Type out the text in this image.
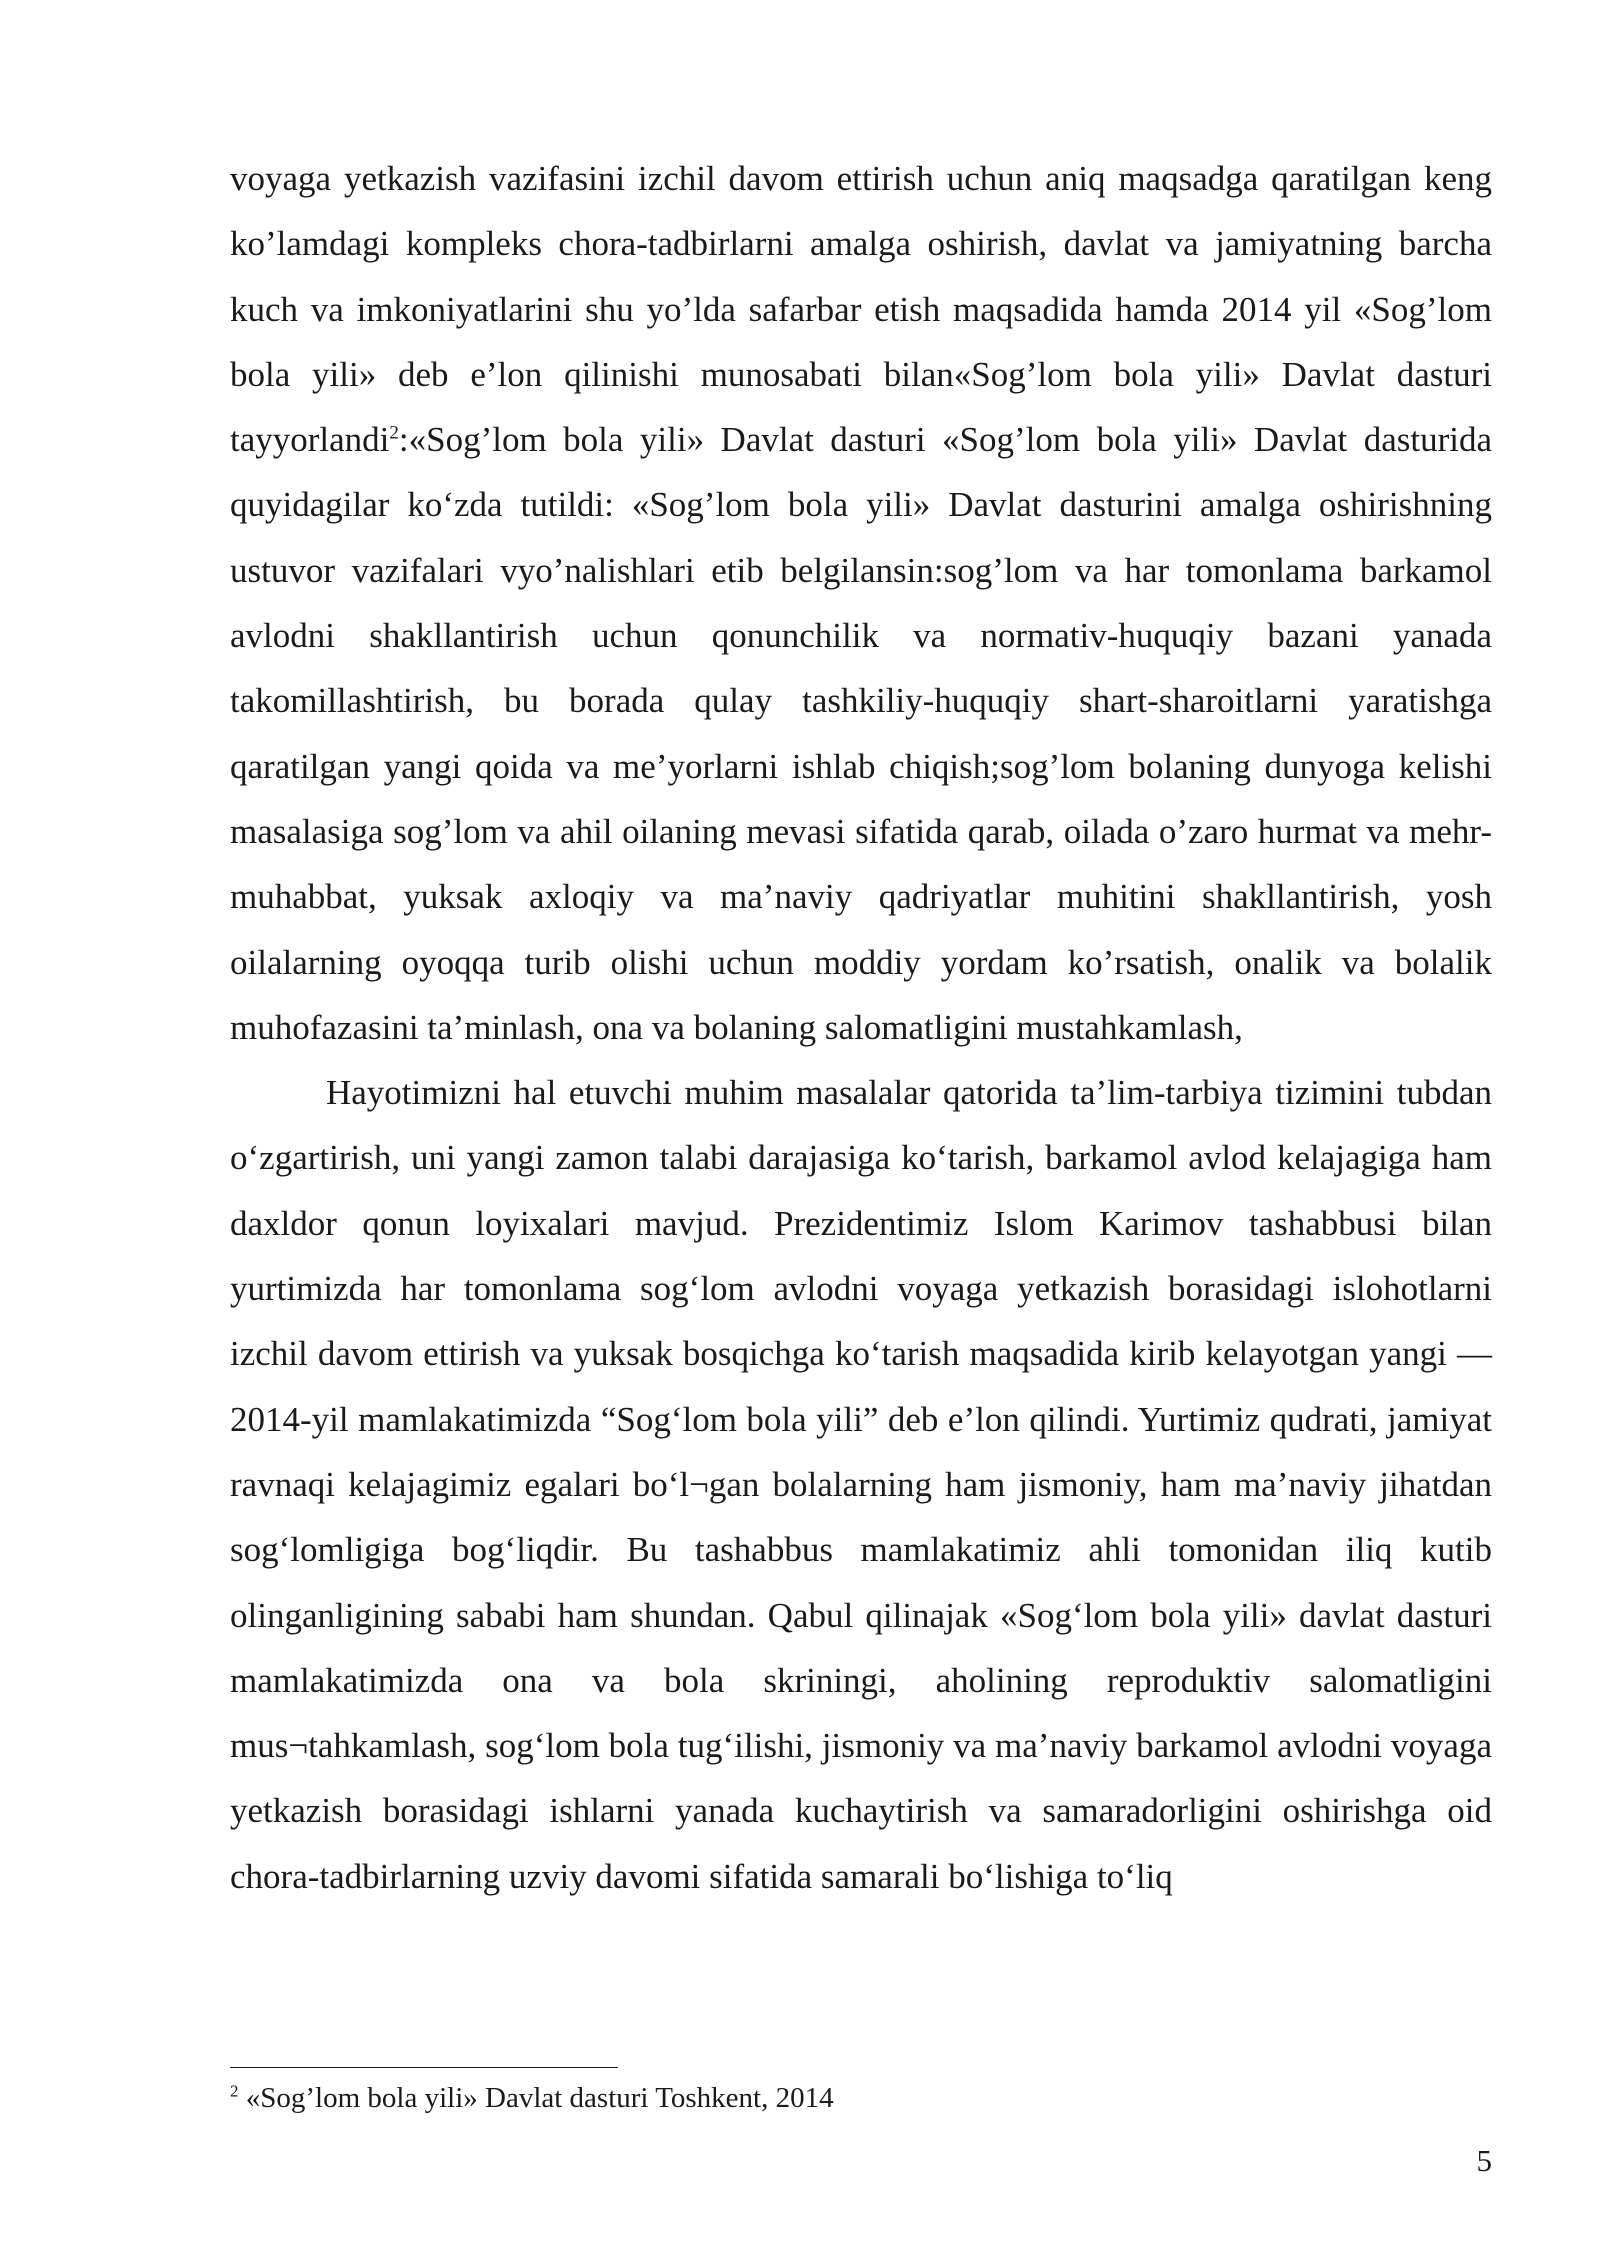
voyaga yetkazish vazifasini izchil davom ettirish uchun aniq maqsadga qaratilgan keng ko’lamdagi kompleks chora-tadbirlarni amalga oshirish, davlat va jamiyatning barcha kuch va imkoniyatlarini shu yo’lda safarbar etish maqsadida hamda 2014 yil «Sog’lom bola yili» deb e’lon qilinishi munosabati bilan«Sog’lom bola yili» Davlat dasturi tayyorlandi$^2$:«Sog’lom bola yili» Davlat dasturi «Sog’lom bola yili» Davlat dasturida quyidagilar ko‘zda tutildi: «Sog’lom bola yili» Davlat dasturini amalga oshirishning ustuvor vazifalari vyo’nalishlari etib belgilansin:sog’lom va har tomonlama barkamol avlodni shakllantirish uchun qonunchilik va normativ-huquqiy bazani yanada takomillashtirish, bu borada qulay tashkiliy-huquqiy shart-sharoitlarni yaratishga qaratilgan yangi qoida va me’yorlarni ishlab chiqish;sog’lom bolaning dunyoga kelishi masalasiga sog’lom va ahil oilaning mevasi sifatida qarab, oilada o’zaro hurmat va mehr-muhabbat, yuksak axloqiy va ma’naviy qadriyatlar muhitini shakllantirish, yosh oilalarning oyoqqa turib olishi uchun moddiy yordam ko’rsatish, onalik va bolalik muhofazasini ta’minlash, ona va bolaning salomatligini mustahkamlash,

Hayotimizni hal etuvchi muhim masalalar qatorida ta’lim-tarbiya tizimini tubdan o‘zgartirish, uni yangi zamon talabi darajasiga ko‘tarish, barkamol avlod kelajagiga ham daxldor qonun loyixalari mavjud. Prezidentimiz Islom Karimov tashabbusi bilan yurtimizda har tomonlama sog‘lom avlodni voyaga yetkazish borasidagi islohotlarni izchil davom ettirish va yuksak bosqichga ko‘tarish maqsadida kirib kelayotgan yangi — 2014-yil mamlakatimizda “Sog‘lom bola yili” deb e’lon qilindi. Yurtimiz qudrati, jamiyat ravnaqi kelajagimiz egalari bo‘l¬gan bolalarning ham jismoniy, ham ma’naviy jihatdan sog‘lomligiga bog‘liqdir. Bu tashabbus mamlakatimiz ahli tomonidan iliq kutib olinganligining sababi ham shundan. Qabul qilinajak «Sog‘lom bola yili» davlat dasturi mamlakatimizda ona va bola skriningi, aholining reproduktiv salomatligini mus¬tahkamlash, sog‘lom bola tug‘ilishi, jismoniy va ma’naviy barkamol avlodni voyaga yetkazish borasidagi ishlarni yanada kuchaytirish va samaradorligini oshirishga oid chora-tadbirlarning uzviy davomi sifatida samarali bo‘lishiga to‘liq

$^2$ «Sog’lom bola yili» Davlat dasturi Toshkent, 2014
5
